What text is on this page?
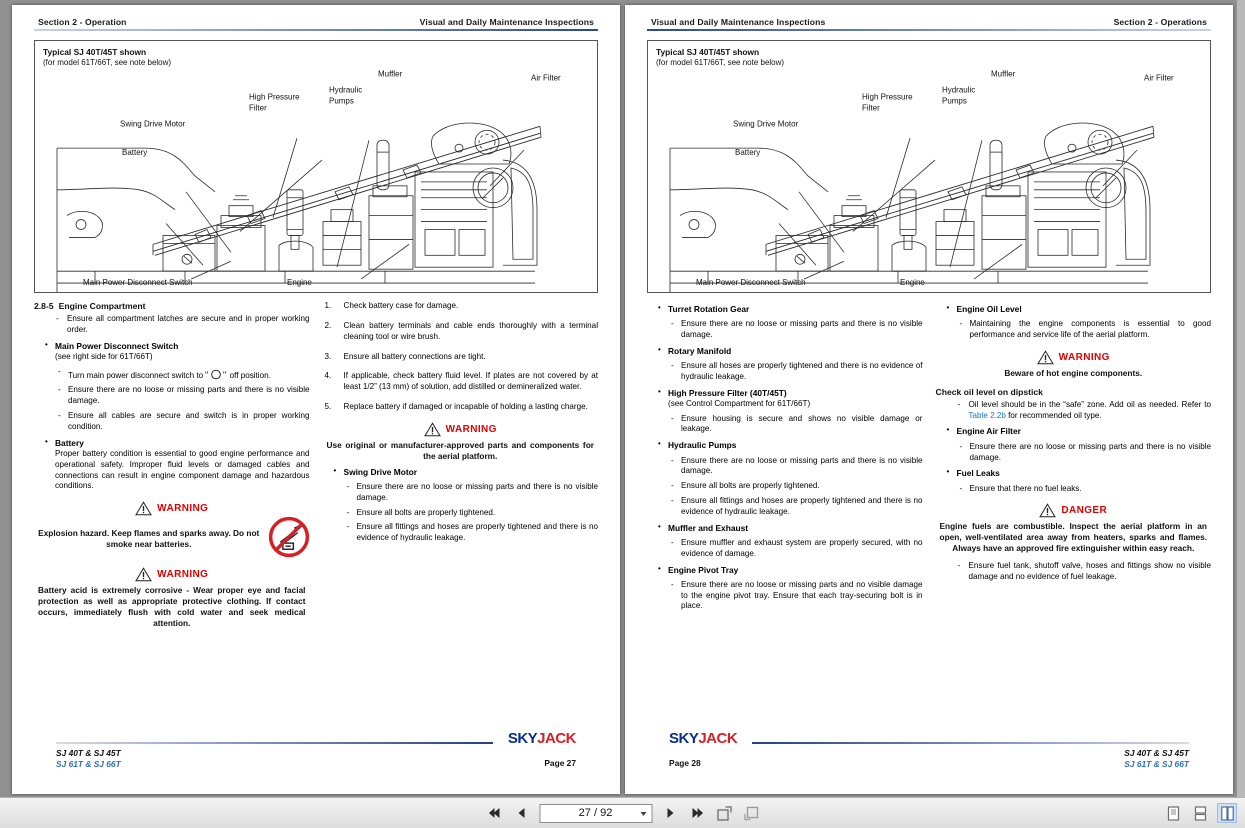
Section 2 - Operation	Visual and Daily Maintenance Inspections
Typical SJ 40T/45T shown
(for model 61T/66T, see note below)
Muffler	Air Filter
High Pressure
Filter
Hydraulic
Pumps
Swing Drive Motor
Battery
Main Power Disconnect Switch	Engine
2.8-5 Engine Compartment
- Ensure all compartment latches are secure and in proper working order.
• Main Power Disconnect Switch
(see right side for 61T/66T)
- Turn main power disconnect switch to " " off position.
- Ensure there are no loose or missing parts and there is no visible damage.
- Ensure all cables are secure and switch is in proper working condition.
• Battery
Proper battery condition is essential to good engine performance and operational safety. Improper fluid levels or damaged cables and connections can result in engine component damage and hazardous conditions.
WARNING
Explosion hazard. Keep flames and sparks away. Do not smoke near batteries.
WARNING
Battery acid is extremely corrosive - Wear proper eye and facial protection as well as appropriate protective clothing. If contact occurs, immediately flush with cold water and seek medical attention.
Check battery case for damage.
Clean battery terminals and cable ends thoroughly with a terminal cleaning tool or wire brush.
Ensure all battery connections are tight.
If applicable, check battery fluid level. If plates are not covered by at least 1/2” (13 mm) of solution, add distilled or demineralized water.
Replace battery if damaged or incapable of holding a lasting charge.
WARNING
Use original or manufacturer-approved parts and components for the aerial platform.
• Swing Drive Motor
- Ensure there are no loose or missing parts and there is no visible damage.
- Ensure all bolts are properly tightened.
- Ensure all fittings and hoses are properly tightened and there is no evidence of hydraulic leakage.
SKYJACK
SJ 40T & SJ 45T
SJ 61T & SJ 66T	Page 27
Visual and Daily Maintenance Inspections	Section 2 - Operations
Typical SJ 40T/45T shown
(for model 61T/66T, see note below)
Muffler	Air Filter
High Pressure
Filter
Hydraulic
Pumps
Swing Drive Motor
Battery
Main Power Disconnect Switch	Engine
• Turret Rotation Gear
- Ensure there are no loose or missing parts and there is no visible damage.
• Rotary Manifold
- Ensure all hoses are properly tightened and there is no evidence of hydraulic leakage.
• High Pressure Filter (40T/45T)
(see Control Compartment for 61T/66T)
- Ensure housing is secure and shows no visible damage or leakage.
• Hydraulic Pumps
- Ensure there are no loose or missing parts and there is no visible damage.
- Ensure all bolts are properly tightened.
- Ensure all fittings and hoses are properly tightened and there is no evidence of hydraulic leakage.
• Muffler and Exhaust
- Ensure muffler and exhaust system are properly secured, with no evidence of damage.
• Engine Pivot Tray
- Ensure there are no loose or missing parts and no visible damage to the engine pivot tray. Ensure that each tray-securing bolt is in place.
• Engine Oil Level
- Maintaining the engine components is essential to good performance and service life of the aerial platform.
WARNING
Beware of hot engine components.
Check oil level on dipstick
- Oil level should be in the “safe” zone. Add oil as needed. Refer to Table 2.2b for recommended oil type.
• Engine Air Filter
- Ensure there are no loose or missing parts and there is no visible damage.
• Fuel Leaks
- Ensure that there no fuel leaks.
DANGER
Engine fuels are combustible. Inspect the aerial platform in an open, well-ventilated area away from heaters, sparks and flames. Always have an approved fire extinguisher within easy reach.
- Ensure fuel tank, shutoff valve, hoses and fittings show no visible damage and no evidence of fuel leakage.
SKYJACK
Page 28
SJ 40T & SJ 45T
SJ 61T & SJ 66T
27 / 92
